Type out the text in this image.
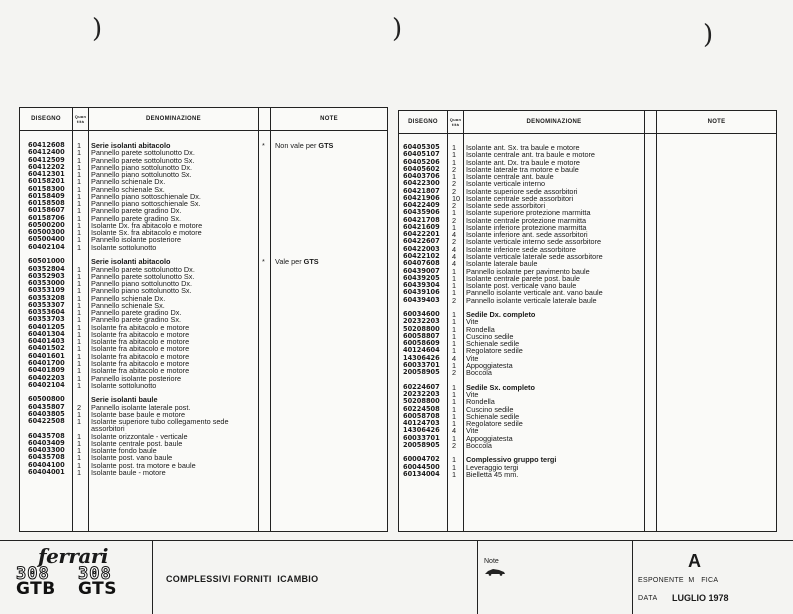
)	)	)
DISEGNO	Quan tità	DENOMINAZIONE	NOTE
60412608 1 Serie isolanti abitacolo	* Non vale per GTS
60412400 1 Pannello parete sottolunotto Dx.
60412509 1 Pannello parete sottolunotto Sx.
60412202 1 Pannello piano sottolunotto Dx.
60412301 1 Pannello piano sottolunotto Sx.
60158201 1 Pannello schienale Dx.
60158300 1 Pannello schienale Sx.
60158409 1 Pannello piano sottoschienale Dx.
60158508 1 Pannello piano sottoschienale Sx.
60158607 1 Pannello parete gradino Dx.
60158706 1 Pannello parete gradino Sx.
60500200 1 Isolante Dx. fra abitacolo e motore
60500300 1 Isolante Sx. fra abitacolo e motore
60500400 1 Pannello isolante posteriore
60402104 1 Isolante sottolunotto
60501000	Serie isolanti abitacolo	* Vale per GTS
60352804 1 Pannello parete sottolunotto Dx.
60352903 1 Pannello parete sottolunotto Sx.
60353000 1 Pannello piano sottolunotto Dx.
60353109 1 Pannello piano sottolunotto Sx.
60353208 1 Pannello schienale Dx.
60353307 1 Pannello schienale Sx.
60353604 1 Pannello parete gradino Dx.
60353703 1 Pannello parete gradino Sx.
60401205 1 Isolante fra abitacolo e motore
60401304 1 Isolante fra abitacolo e motore
60401403 1 Isolante fra abitacolo e motore
60401502 1 Isolante fra abitacolo e motore
60401601 1 Isolante fra abitacolo e motore
60401700 1 Isolante fra abitacolo e motore
60401809 1 Isolante fra abitacolo e motore
60402203 1 Pannello isolante posteriore
60402104 1 Isolante sottolunotto
60500800	Serie isolanti baule
60435807 2 Pannello isolante laterale post.
60403805 1 Isolante base baule e motore
60422508 1 Isolante superiore tubo collegamento sede
assorbitori
60435708 1 Isolante orizzontale - verticale
60403409 1 Isolante centrale post. baule
60403300 1 Isolante fondo baule
60435708 1 Isolante post. vano baule
60404100 1 Isolante post. tra motore e baule
60404001 1 Isolante baule - motore
DISEGNO	Quan tità	DENOMINAZIONE	NOTE
60405305 1 Isolante ant. Sx. tra baule e motore
60405107 1 Isolante centrale ant. tra baule e motore
60405206 1 Isolante ant. Dx. tra baule e motore
60405602 2 Isolante laterale tra motore e baule
60403706 1 Isolante centrale ant. baule
60422300 2 Isolante verticale interno
60421807 2 Isolante superiore sede assorbitori
60421906 10 Isolante centrale sede assorbitori
60422409 2 Isolante sede assorbitori
60435906 1 Isolante superiore protezione marmitta
60421708 2 Isolante centrale protezione marmitta
60421609 1 Isolante inferiore protezione marmitta
60422201 4 Isolante inferiore ant. sede assorbitori
60422607 2 Isolante verticale interno sede assorbitore
60422003 4 Isolante inferiore sede assorbitore
60422102 4 Isolante verticale laterale sede assorbitore
60407608 4 Isolante laterale baule
60439007 1 Pannello isolante per pavimento baule
60439205 1 Isolante centrale parete post. baule
60439304 1 Isolante post. verticale vano baule
60439106 1 Pannello isolante verticale ant. vano baule
60439403 2 Pannello isolante verticale laterale baule
60034600 1 Sedile Dx. completo
20232203 1 Vite
50208800 1 Rondella
60058807 1 Cuscino sedile
60058609 1 Schienale sedile
40124604 1 Regolatore sedile
14306426 4 Vite
60033701 1 Appoggiatesta
20058905 2 Boccola
60224607 1 Sedile Sx. completo
20232203 1 Vite
50208800 1 Rondella
60224508 1 Cuscino sedile
60058708 1 Schienale sedile
40124703 1 Regolatore sedile
14306426 4 Vite
60033701 1 Appoggiatesta
20058905 2 Boccola
60004702 1 Complessivo gruppo tergi
60044500 1 Leveraggio tergi
60134004 1 Bielletta 45 mm.
ferrari
308 308
GTB GTS	COMPLESSIVI FORNITI  ICAMBIO
Note	A
ESPONENTE  M   FICA
DATA LUGLIO 1978
